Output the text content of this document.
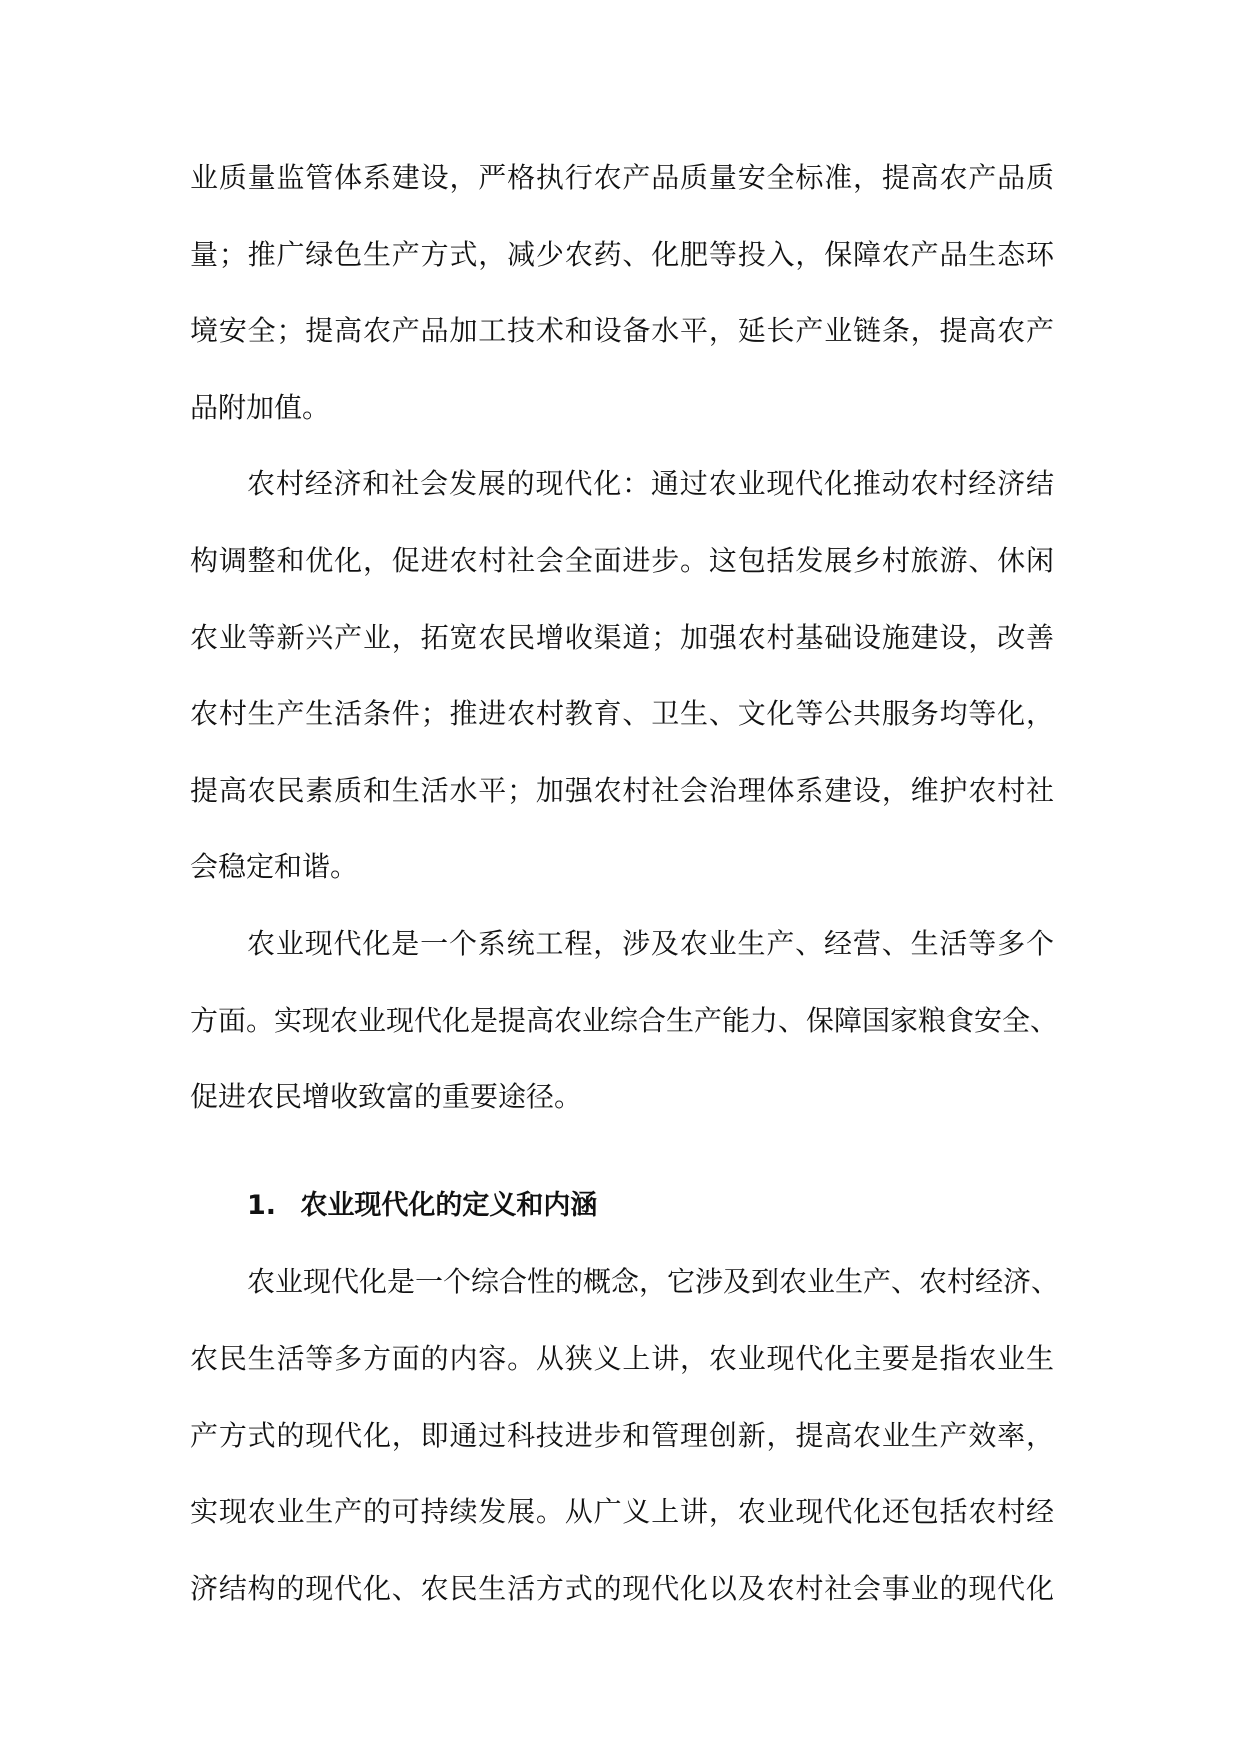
业质量监管体系建设，严格执行农产品质量安全标准，提高农产品质
量；推广绿色生产方式，减少农药、化肥等投入，保障农产品生态环
境安全；提高农产品加工技术和设备水平，延长产业链条，提高农产
品附加值。
农村经济和社会发展的现代化：通过农业现代化推动农村经济结
构调整和优化，促进农村社会全面进步。这包括发展乡村旅游、休闲
农业等新兴产业，拓宽农民增收渠道；加强农村基础设施建设，改善
农村生产生活条件；推进农村教育、卫生、文化等公共服务均等化，
提高农民素质和生活水平；加强农村社会治理体系建设，维护农村社
会稳定和谐。
农业现代化是一个系统工程，涉及农业生产、经营、生活等多个
方面。实现农业现代化是提高农业综合生产能力、保障国家粮食安全、
促进农民增收致富的重要途径。
1. 农业现代化的定义和内涵
农业现代化是一个综合性的概念，它涉及到农业生产、农村经济、
农民生活等多方面的内容。从狭义上讲，农业现代化主要是指农业生
产方式的现代化，即通过科技进步和管理创新，提高农业生产效率，
实现农业生产的可持续发展。从广义上讲，农业现代化还包括农村经
济结构的现代化、农民生活方式的现代化以及农村社会事业的现代化
